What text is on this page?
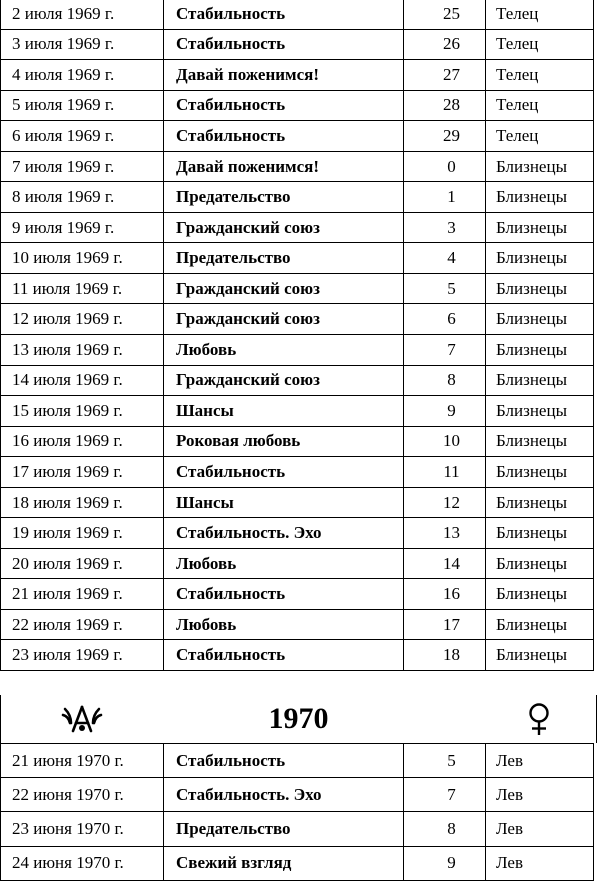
2 июля 1969 г.	Стабильность	25	Телец
3 июля 1969 г.	Стабильность	26	Телец
4 июля 1969 г.	Давай поженимся!	27	Телец
5 июля 1969 г.	Стабильность	28	Телец
6 июля 1969 г.	Стабильность	29	Телец
7 июля 1969 г.	Давай поженимся!	0	Близнецы
8 июля 1969 г.	Предательство	1	Близнецы
9 июля 1969 г.	Гражданский союз	3	Близнецы
10 июля 1969 г.	Предательство	4	Близнецы
11 июля 1969 г.	Гражданский союз	5	Близнецы
12 июля 1969 г.	Гражданский союз	6	Близнецы
13 июля 1969 г.	Любовь	7	Близнецы
14 июля 1969 г.	Гражданский союз	8	Близнецы
15 июля 1969 г.	Шансы	9	Близнецы
16 июля 1969 г.	Роковая любовь	10	Близнецы
17 июля 1969 г.	Стабильность	11	Близнецы
18 июля 1969 г.	Шансы	12	Близнецы
19 июля 1969 г.	Стабильность. Эхо	13	Близнецы
20 июля 1969 г.	Любовь	14	Близнецы
21 июля 1969 г.	Стабильность	16	Близнецы
22 июля 1969 г.	Любовь	17	Близнецы
23 июля 1969 г.	Стабильность	18	Близнецы
1970
21 июня 1970 г.	Стабильность	5	Лев
22 июня 1970 г.	Стабильность. Эхо	7	Лев
23 июня 1970 г.	Предательство	8	Лев
24 июня 1970 г.	Свежий взгляд	9	Лев
